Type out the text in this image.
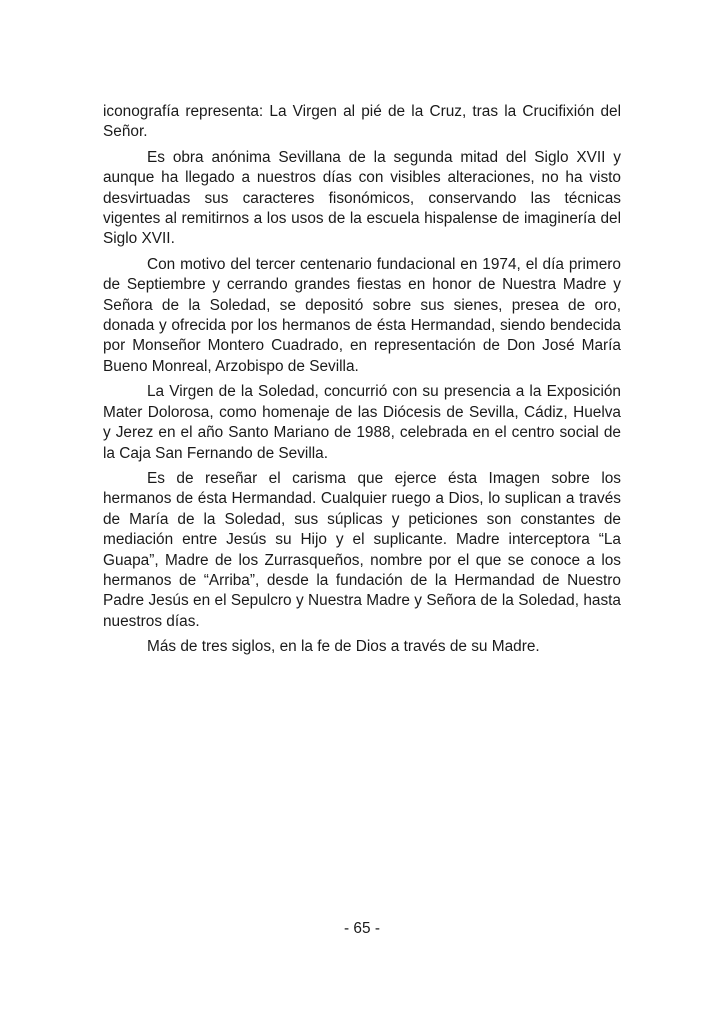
iconografía representa: La Virgen al pié de la Cruz, tras la Crucifixión del Señor.

Es obra anónima Sevillana de la segunda mitad del Siglo XVII y aunque ha llegado a nuestros días con visibles alteraciones, no ha visto desvirtuadas sus caracteres fisonómicos, conservando las técnicas vigentes al remitirnos a los usos de la escuela hispalense de imaginería del Siglo XVII.

Con motivo del tercer centenario fundacional en 1974, el día primero de Septiembre y cerrando grandes fiestas en honor de Nuestra Madre y Señora de la Soledad, se depositó sobre sus sienes, presea de oro, donada y ofrecida por los hermanos de ésta Hermandad, siendo bendecida por Monseñor Montero Cuadrado, en representación de Don José María Bueno Monreal, Arzobispo de Sevilla.

La Virgen de la Soledad, concurrió con su presencia a la Exposición Mater Dolorosa, como homenaje de las Diócesis de Sevilla, Cádiz, Huelva y Jerez en el año Santo Mariano de 1988, celebrada en el centro social de la Caja San Fernando de Sevilla.

Es de reseñar el carisma que ejerce ésta Imagen sobre los hermanos de ésta Hermandad. Cualquier ruego a Dios, lo suplican a través de María de la Soledad, sus súplicas y peticiones son constantes de mediación entre Jesús su Hijo y el suplicante. Madre interceptora “La Guapa”, Madre de los Zurrasqueños, nombre por el que se conoce a los hermanos de “Arriba”, desde la fundación de la Hermandad de Nuestro Padre Jesús en el Sepulcro y Nuestra Madre y Señora de la Soledad, hasta nuestros días.

Más de tres siglos, en la fe de Dios a través de su Madre.

- 65 -
